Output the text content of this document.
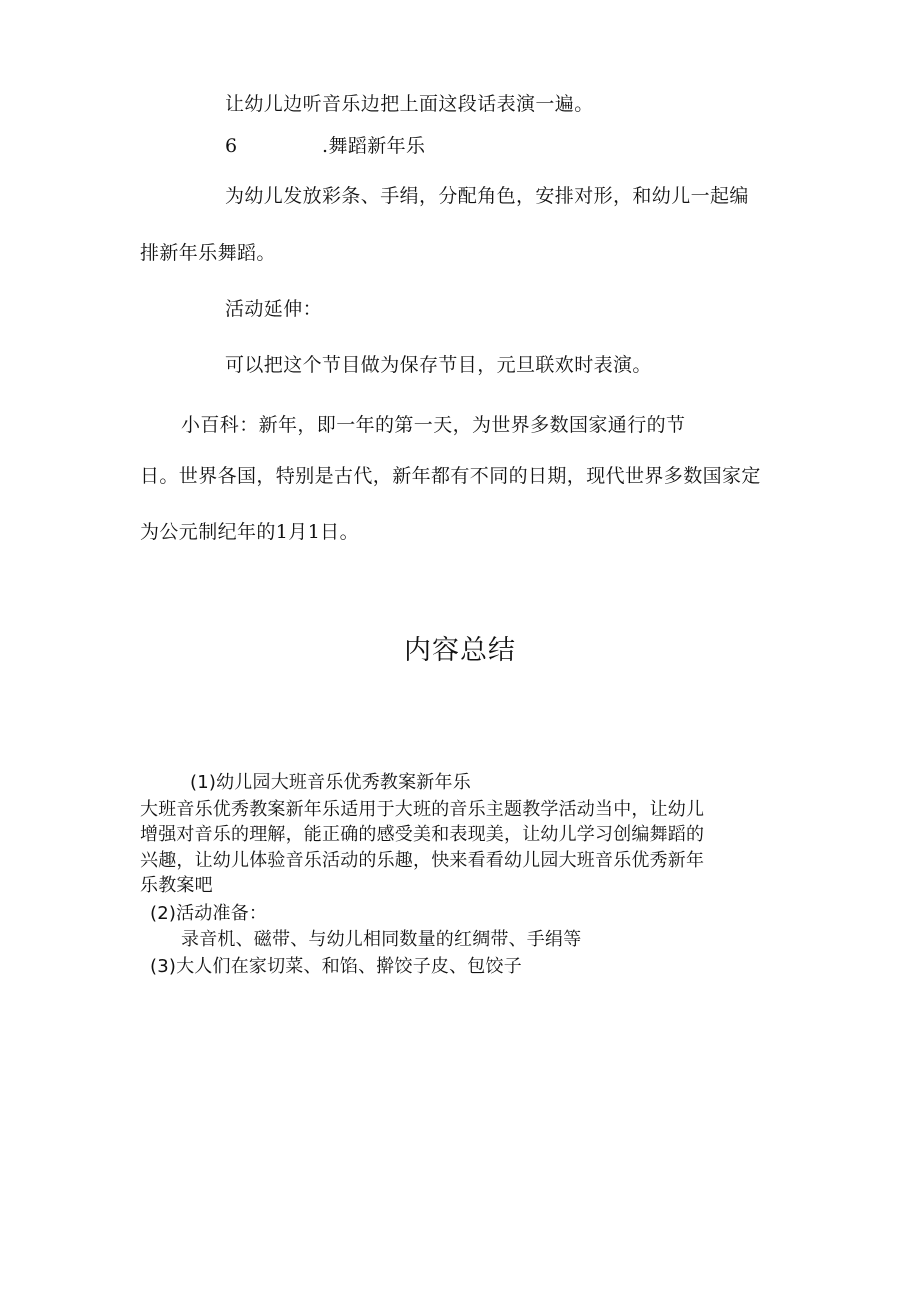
让幼儿边听音乐边把上面这段话表演一遍。
6	.舞蹈新年乐
为幼儿发放彩条、手绢，分配角色，安排对形，和幼儿一起编
排新年乐舞蹈。
活动延伸：
可以把这个节目做为保存节目，元旦联欢时表演。
小百科：新年，即一年的第一天，为世界多数国家通行的节
日。世界各国，特别是古代，新年都有不同的日期，现代世界多数国家定
为公元制纪年的1月1日。
内容总结
(1)幼儿园大班音乐优秀教案新年乐
大班音乐优秀教案新年乐适用于大班的音乐主题教学活动当中，让幼儿
增强对音乐的理解，能正确的感受美和表现美，让幼儿学习创编舞蹈的
兴趣，让幼儿体验音乐活动的乐趣，快来看看幼儿园大班音乐优秀新年
乐教案吧
(2)活动准备：
录音机、磁带、与幼儿相同数量的红绸带、手绢等
(3)大人们在家切菜、和馅、擀饺子皮、包饺子
